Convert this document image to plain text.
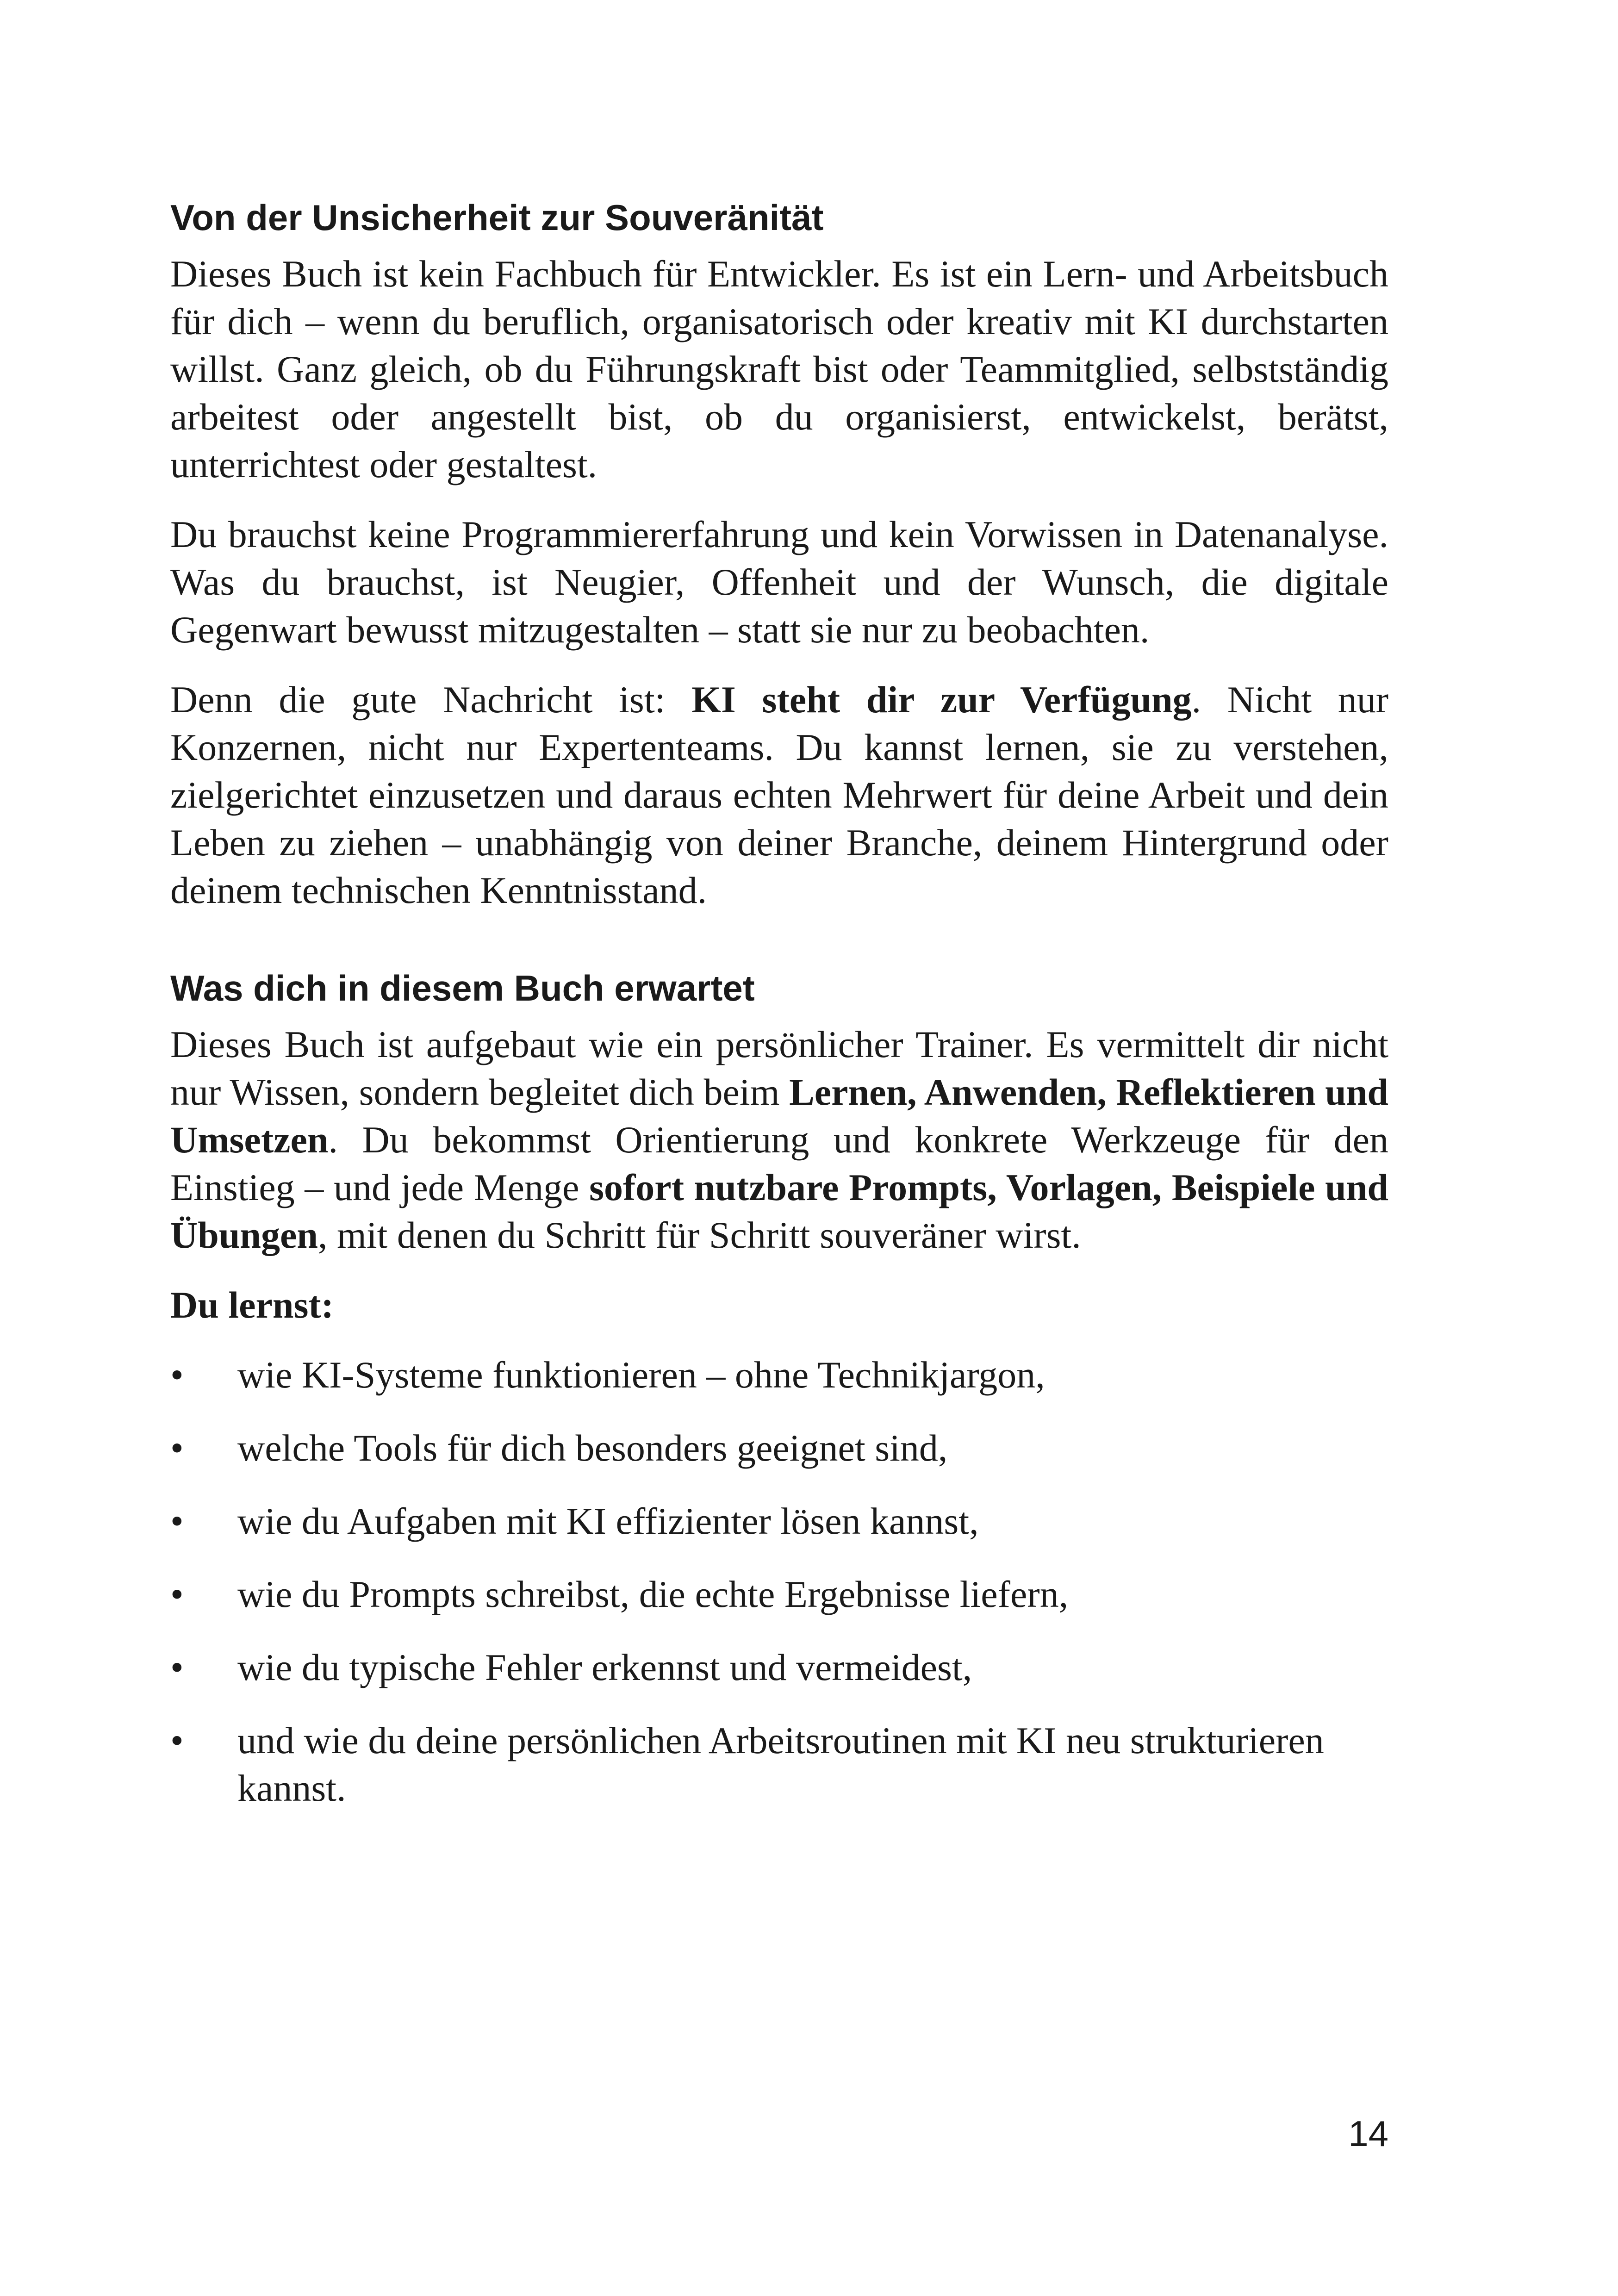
Von der Unsicherheit zur Souveränität

Dieses Buch ist kein Fachbuch für Entwickler. Es ist ein Lern- und Arbeitsbuch für dich – wenn du beruflich, organisatorisch oder kreativ mit KI durchstarten willst. Ganz gleich, ob du Führungskraft bist oder Teammitglied, selbstständig arbeitest oder angestellt bist, ob du organisierst, entwickelst, berätst, unterrichtest oder gestaltest.

Du brauchst keine Programmiererfahrung und kein Vorwissen in Datenanalyse. Was du brauchst, ist Neugier, Offenheit und der Wunsch, die digitale Gegenwart bewusst mitzugestalten – statt sie nur zu beobachten.

Denn die gute Nachricht ist: KI steht dir zur Verfügung. Nicht nur Konzernen, nicht nur Expertenteams. Du kannst lernen, sie zu verstehen, zielgerichtet einzusetzen und daraus echten Mehrwert für deine Arbeit und dein Leben zu ziehen – unabhängig von deiner Branche, deinem Hintergrund oder deinem technischen Kenntnisstand.

Was dich in diesem Buch erwartet

Dieses Buch ist aufgebaut wie ein persönlicher Trainer. Es vermittelt dir nicht nur Wissen, sondern begleitet dich beim Lernen, Anwenden, Reflektieren und Umsetzen. Du bekommst Orientierung und konkrete Werkzeuge für den Einstieg – und jede Menge sofort nutzbare Prompts, Vorlagen, Beispiele und Übungen, mit denen du Schritt für Schritt souveräner wirst.

Du lernst:
•	wie KI-Systeme funktionieren – ohne Technikjargon,
•	welche Tools für dich besonders geeignet sind,
•	wie du Aufgaben mit KI effizienter lösen kannst,
•	wie du Prompts schreibst, die echte Ergebnisse liefern,
•	wie du typische Fehler erkennst und vermeidest,
•	und wie du deine persönlichen Arbeitsroutinen mit KI neu strukturieren kannst.
14
